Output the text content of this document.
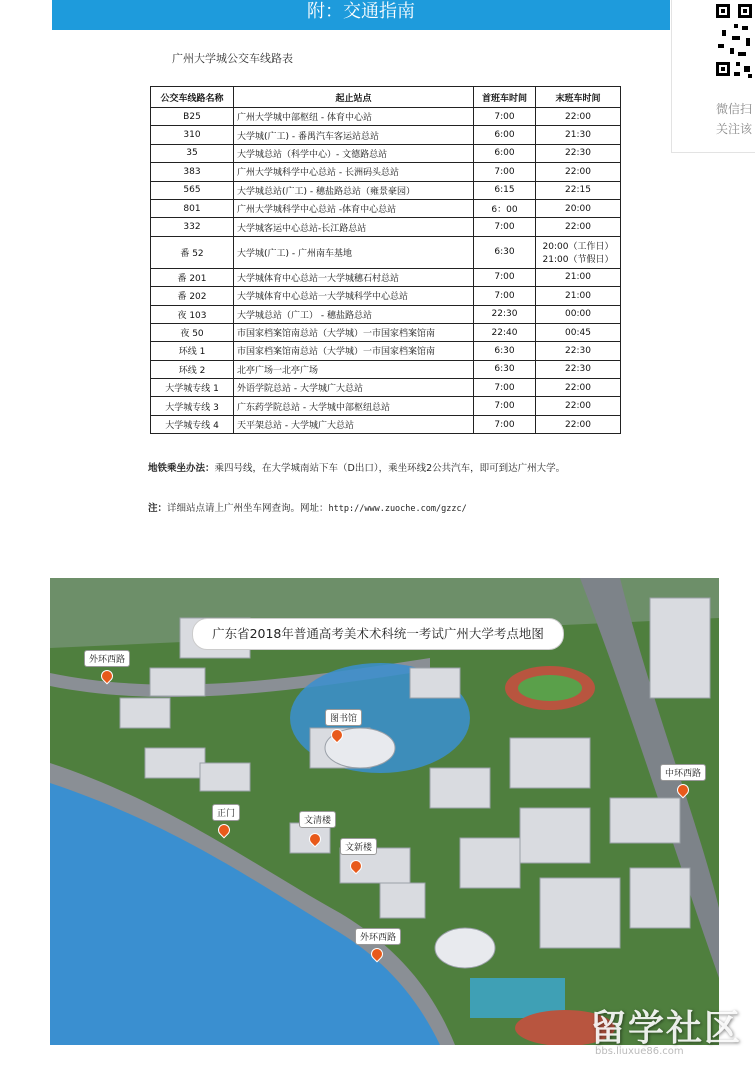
附：交通指南
微信扫
关注该
广州大学城公交车线路表
公交车线路名称	起止站点	首班车时间	末班车时间
B25	广州大学城中部枢纽 - 体育中心站	7:00	22:00
310	大学城(广工) - 番禺汽车客运站总站	6:00	21:30
35	大学城总站（科学中心）- 文德路总站	6:00	22:30
383	广州大学城科学中心总站 - 长洲码头总站	7:00	22:00
565	大学城总站(广工) - 穗盐路总站（雍景豪园）	6:15	22:15
801	广州大学城科学中心总站 -体育中心总站	6：00	20:00
332	大学城客运中心总站-长江路总站	7:00	22:00
番 52	大学城(广工) - 广州南车基地	6:30	20:00（工作日）
21:00（节假日）

番 201	大学城体育中心总站一大学城穗石村总站	7:00	21:00
番 202	大学城体育中心总站一大学城科学中心总站	7:00	21:00
夜 103	大学城总站（广工） - 穗盐路总站	22:30	00:00
夜 50	市国家档案馆南总站（大学城）一市国家档案馆南	22:40	00:45
环线 1	市国家档案馆南总站（大学城）一市国家档案馆南	6:30	22:30
环线 2	北亭广场一北亭广场	6:30	22:30
大学城专线 1	外语学院总站 - 大学城广大总站	7:00	22:00
大学城专线 3	广东药学院总站 - 大学城中部枢纽总站	7:00	22:00
大学城专线 4	天平架总站 - 大学城广大总站	7:00	22:00
地铁乘坐办法：乘四号线，在大学城南站下车（D出口），乘坐环线2公共汽车，即可到达广州大学。
注：详细站点请上广州坐车网查询。网址：http://www.zuoche.com/gzzc/
广东省2018年普通高考美术术科统一考试广州大学考点地图
外环西路
图书馆
正门
文清楼
文新楼
外环西路
中环西路
留学社区
bbs.liuxue86.com
